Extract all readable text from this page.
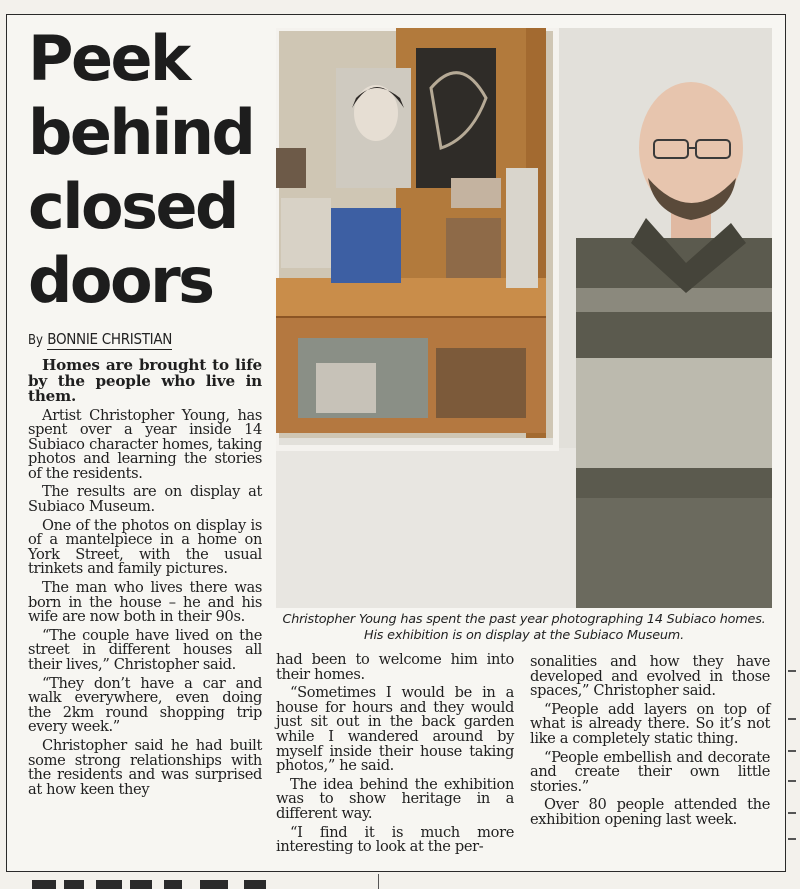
Peek
behind
closed
doors
By BONNIE CHRISTIAN

Homes are brought to life by the people who live in them.

Artist Christopher Young, has spent over a year inside 14 Subiaco character homes, taking photos and learning the stories of the residents.

The results are on display at Subiaco Museum.

One of the photos on display is of a mantelpiece in a home on York Street, with the usual trinkets and family pictures.

The man who lives there was born in the house – he and his wife are now both in their 90s.

“The couple have lived on the street in different houses all their lives,” Christopher said.

“They don’t have a car and walk everywhere, even doing the 2km round shopping trip every week.”

Christopher said he had built some strong relationships with the residents and was surprised at how keen they

Christopher Young has spent the past year photographing 14 Subiaco homes. His exhibition is on display at the Subiaco Museum.

had been to welcome him into their homes.

“Sometimes I would be in a house for hours and they would just sit out in the back garden while I wandered around by myself inside their house taking photos,” he said.

The idea behind the exhibition was to show heritage in a different way.

“I find it is much more interesting to look at the per-

sonalities and how they have developed and evolved in those spaces,” Christopher said.

“People add layers on top of what is already there. So it’s not like a completely static thing.

“People embellish and decorate and create their own little stories.”

Over 80 people attended the exhibition opening last week.
